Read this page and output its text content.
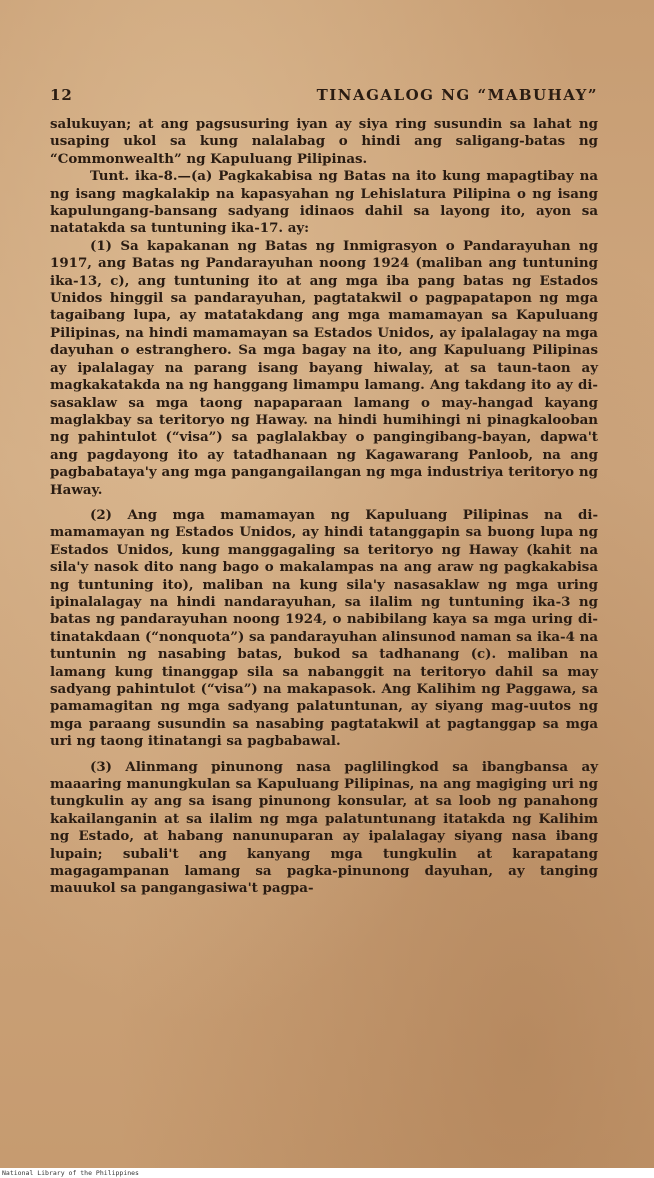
12	TINAGALOG NG “MABUHAY”

salukuyan; at ang pagsusuring iyan ay siya ring susundin sa lahat ng usaping ukol sa kung nalalabag o hindi ang saligang-batas ng “Commonwealth” ng Kapuluang Pilipinas.

Tunt. ika-8.—(a) Pagkakabisa ng Batas na ito kung mapagtibay na ng isang magkalakip na kapasyahan ng Lehislatura Pilipina o ng isang kapulungang-bansang sadyang idinaos dahil sa layong ito, ayon sa natatakda sa tuntuning ika-17. ay:

(1) Sa kapakanan ng Batas ng Inmigrasyon o Pandarayuhan ng 1917, ang Batas ng Pandarayuhan noong 1924 (maliban ang tuntuning ika-13, c), ang tuntuning ito at ang mga iba pang batas ng Estados Unidos hinggil sa pandarayuhan, pagtatakwil o pagpapatapon ng mga tagaibang lupa, ay matatakdang ang mga mamamayan sa Kapuluang Pilipinas, na hindi mamamayan sa Estados Unidos, ay ipalalagay na mga dayuhan o estranghero. Sa mga bagay na ito, ang Kapuluang Pilipinas ay ipalalagay na parang isang bayang hiwalay, at sa taun-taon ay magkakatakda na ng hanggang limampu lamang. Ang takdang ito ay di-sasaklaw sa mga taong napaparaan lamang o may-hangad kayang maglakbay sa teritoryo ng Haway. na hindi humihingi ni pinagkalooban ng pahintulot (“visa”) sa paglalakbay o pangingibang-bayan, dapwa't ang pagdayong ito ay tatadhanaan ng Kagawarang Panloob, na ang pagbabataya'y ang mga pangangailangan ng mga industriya teritoryo ng Haway.

(2) Ang mga mamamayan ng Kapuluang Pilipinas na di-mamamayan ng Estados Unidos, ay hindi tatanggapin sa buong lupa ng Estados Unidos, kung manggagaling sa teritoryo ng Haway (kahit na sila'y nasok dito nang bago o makalampas na ang araw ng pagkakabisa ng tuntuning ito), maliban na kung sila'y nasasaklaw ng mga uring ipinalalagay na hindi nandarayuhan, sa ilalim ng tuntuning ika-3 ng batas ng pandarayuhan noong 1924, o nabibilang kaya sa mga uring di-tinatakdaan (“nonquota”) sa pandarayuhan alinsunod naman sa ika-4 na tuntunin ng nasabing batas, bukod sa tadhanang (c). maliban na lamang kung tinanggap sila sa nabanggit na teritoryo dahil sa may sadyang pahintulot (“visa”) na makapasok. Ang Kalihim ng Paggawa, sa pamamagitan ng mga sadyang palatuntunan, ay siyang mag-uutos ng mga paraang susundin sa nasabing pagtatakwil at pagtanggap sa mga uri ng taong itinatangi sa pagbabawal.

(3) Alinmang pinunong nasa paglilingkod sa ibangbansa ay maaaring manungkulan sa Kapuluang Pilipinas, na ang magiging uri ng tungkulin ay ang sa isang pinunong konsular, at sa loob ng panahong kakailanganin at sa ilalim ng mga palatuntunang itatakda ng Kalihim ng Estado, at habang nanunuparan ay ipalalagay siyang nasa ibang lupain; subali't ang kanyang mga tungkulin at karapatang magagampanan lamang sa pagka-pinunong dayuhan, ay tanging mauukol sa pangangasiwa't pagpa-

National Library of the Philippines
